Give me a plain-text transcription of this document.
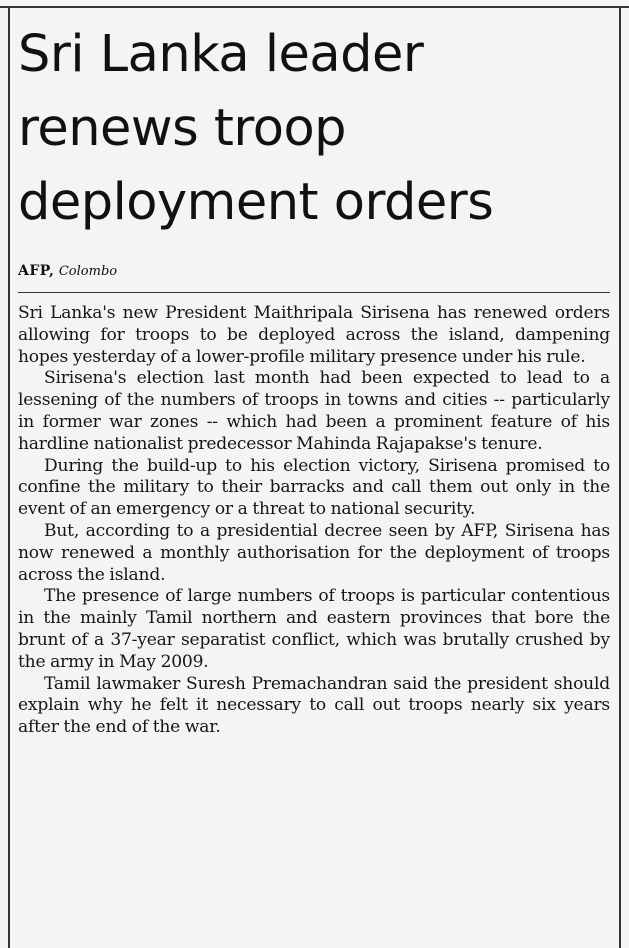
Sri Lanka leader renews troop deployment orders
AFP, Colombo

Sri Lanka's new President Maithripala Sirisena has renewed orders allowing for troops to be deployed across the island, dampening hopes yesterday of a lower-profile military presence under his rule.

Sirisena's election last month had been expected to lead to a lessening of the numbers of troops in towns and cities -- particularly in former war zones -- which had been a prominent feature of his hardline nationalist predecessor Mahinda Rajapakse's tenure.

During the build-up to his election victory, Sirisena promised to confine the military to their barracks and call them out only in the event of an emergency or a threat to national security.

But, according to a presidential decree seen by AFP, Sirisena has now renewed a monthly authorisation for the deployment of troops across the island.

The presence of large numbers of troops is particular contentious in the mainly Tamil northern and eastern provinces that bore the brunt of a 37-year separatist conflict, which was brutally crushed by the army in May 2009.

Tamil lawmaker Suresh Premachandran said the president should explain why he felt it necessary to call out troops nearly six years after the end of the war.
